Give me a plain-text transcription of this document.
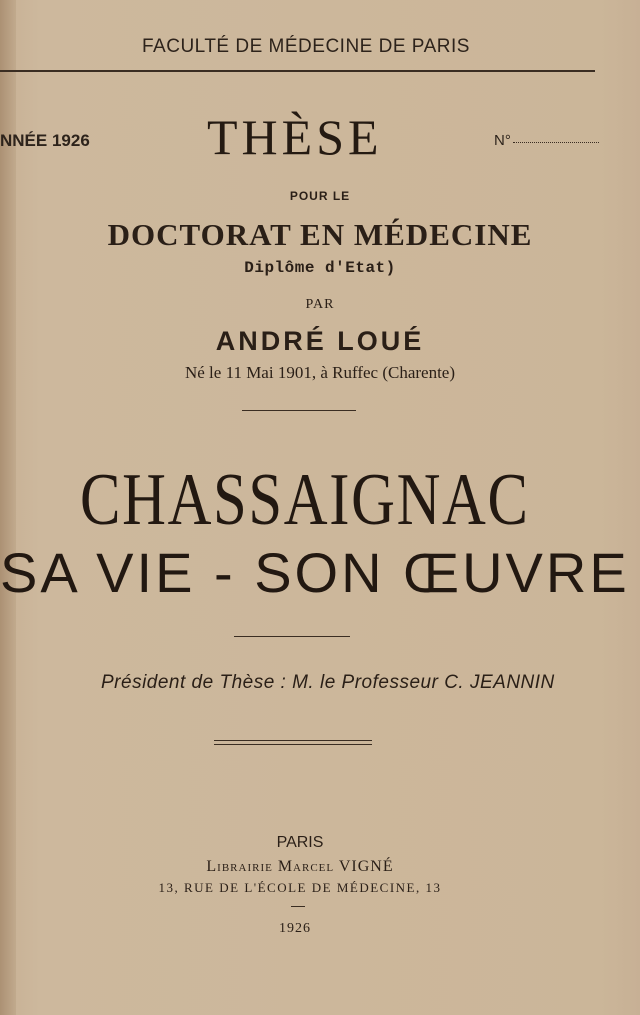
FACULTÉ DE MÉDECINE DE PARIS
NNÉE 1926 THÈSE	N°
POUR LE
DOCTORAT EN MÉDECINE
Diplôme d'Etat)
PAR
ANDRÉ LOUÉ
Né le 11 Mai 1901, à Ruffec (Charente)
CHASSAIGNAC
SA VIE - SON ŒUVRE
Président de Thèse : M. le Professeur C. JEANNIN
PARIS
Librairie Marcel VIGNÉ
13, RUE DE L'ÉCOLE DE MÉDECINE, 13
1926
